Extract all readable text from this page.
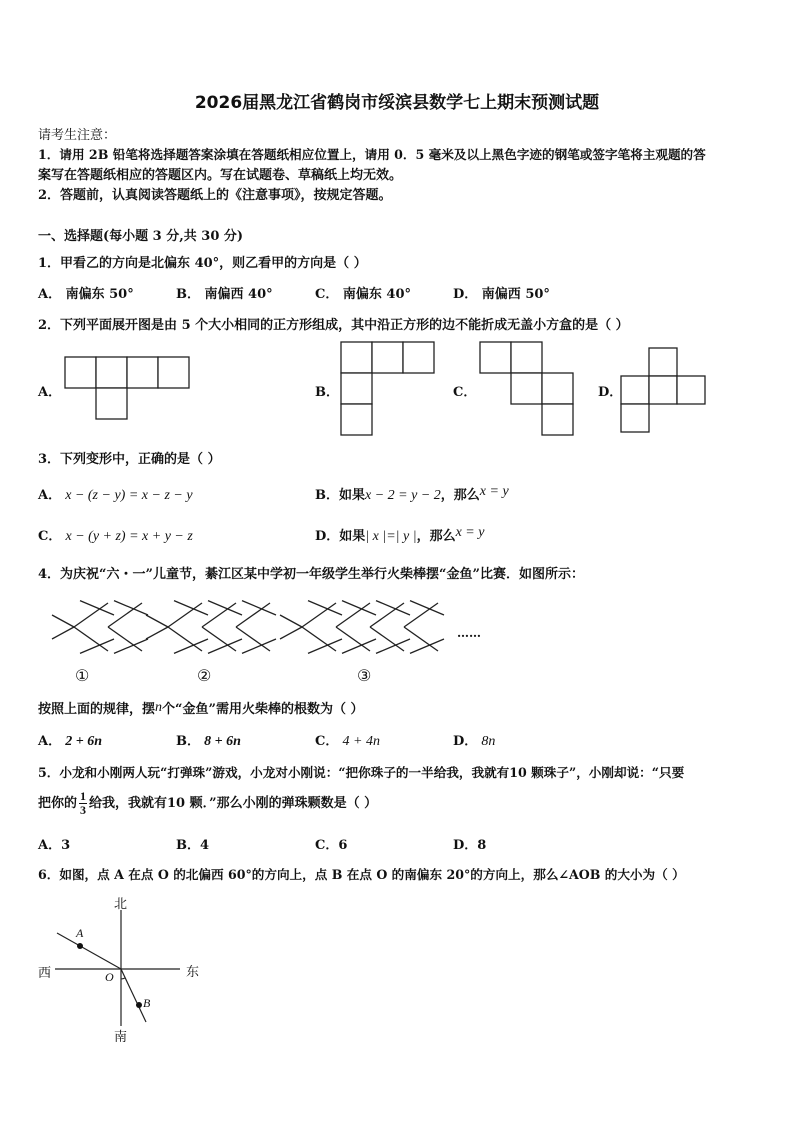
2026届黑龙江省鹤岗市绥滨县数学七上期末预测试题
请考生注意：
1．请用 2B 铅笔将选择题答案涂填在答题纸相应位置上，请用 0．5 毫米及以上黑色字迹的钢笔或签字笔将主观题的答
案写在答题纸相应的答题区内。写在试题卷、草稿纸上均无效。
2．答题前，认真阅读答题纸上的《注意事项》，按规定答题。
一、选择题(每小题 3 分,共 30 分)
1．甲看乙的方向是北偏东 40°，则乙看甲的方向是（ ）
A． 南偏东 50°	B． 南偏西 40°	C． 南偏东 40°	D． 南偏西 50°
2．下列平面展开图是由 5 个大小相同的正方形组成，其中沿正方形的边不能折成无盖小方盒的是（ ）
A．	B．	C．	D．
3．下列变形中，正确的是（ ）
A． x − (z − y) = x − z − y	B．如果x − 2 = y − 2，那么x = y
C． x − (y + z) = x + y − z	D．如果| x |=| y |，那么x = y
4．为庆祝“六・一”儿童节，綦江区某中学初一年级学生举行火柴棒摆“金鱼”比赛．如图所示：
……
①	②	③
按照上面的规律，摆n个“金鱼”需用火柴棒的根数为（ ）
A． 2 + 6n	B． 8 + 6n	C． 4 + 4n	D． 8n
5．小龙和小刚两人玩“打弹珠”游戏，小龙对小刚说：“把你珠子的一半给我，我就有10 颗珠子”，小刚却说：“只要
把你的 $\frac{1}{3}$ 给我，我就有10 颗．”那么小刚的弹珠颗数是（ ）
A．3	B．4	C．6	D．8
6．如图，点 A 在点 O 的北偏西 60°的方向上，点 B 在点 O 的南偏东 20°的方向上，那么∠AOB 的大小为（ ）
北
南
东
西
A
B
O
